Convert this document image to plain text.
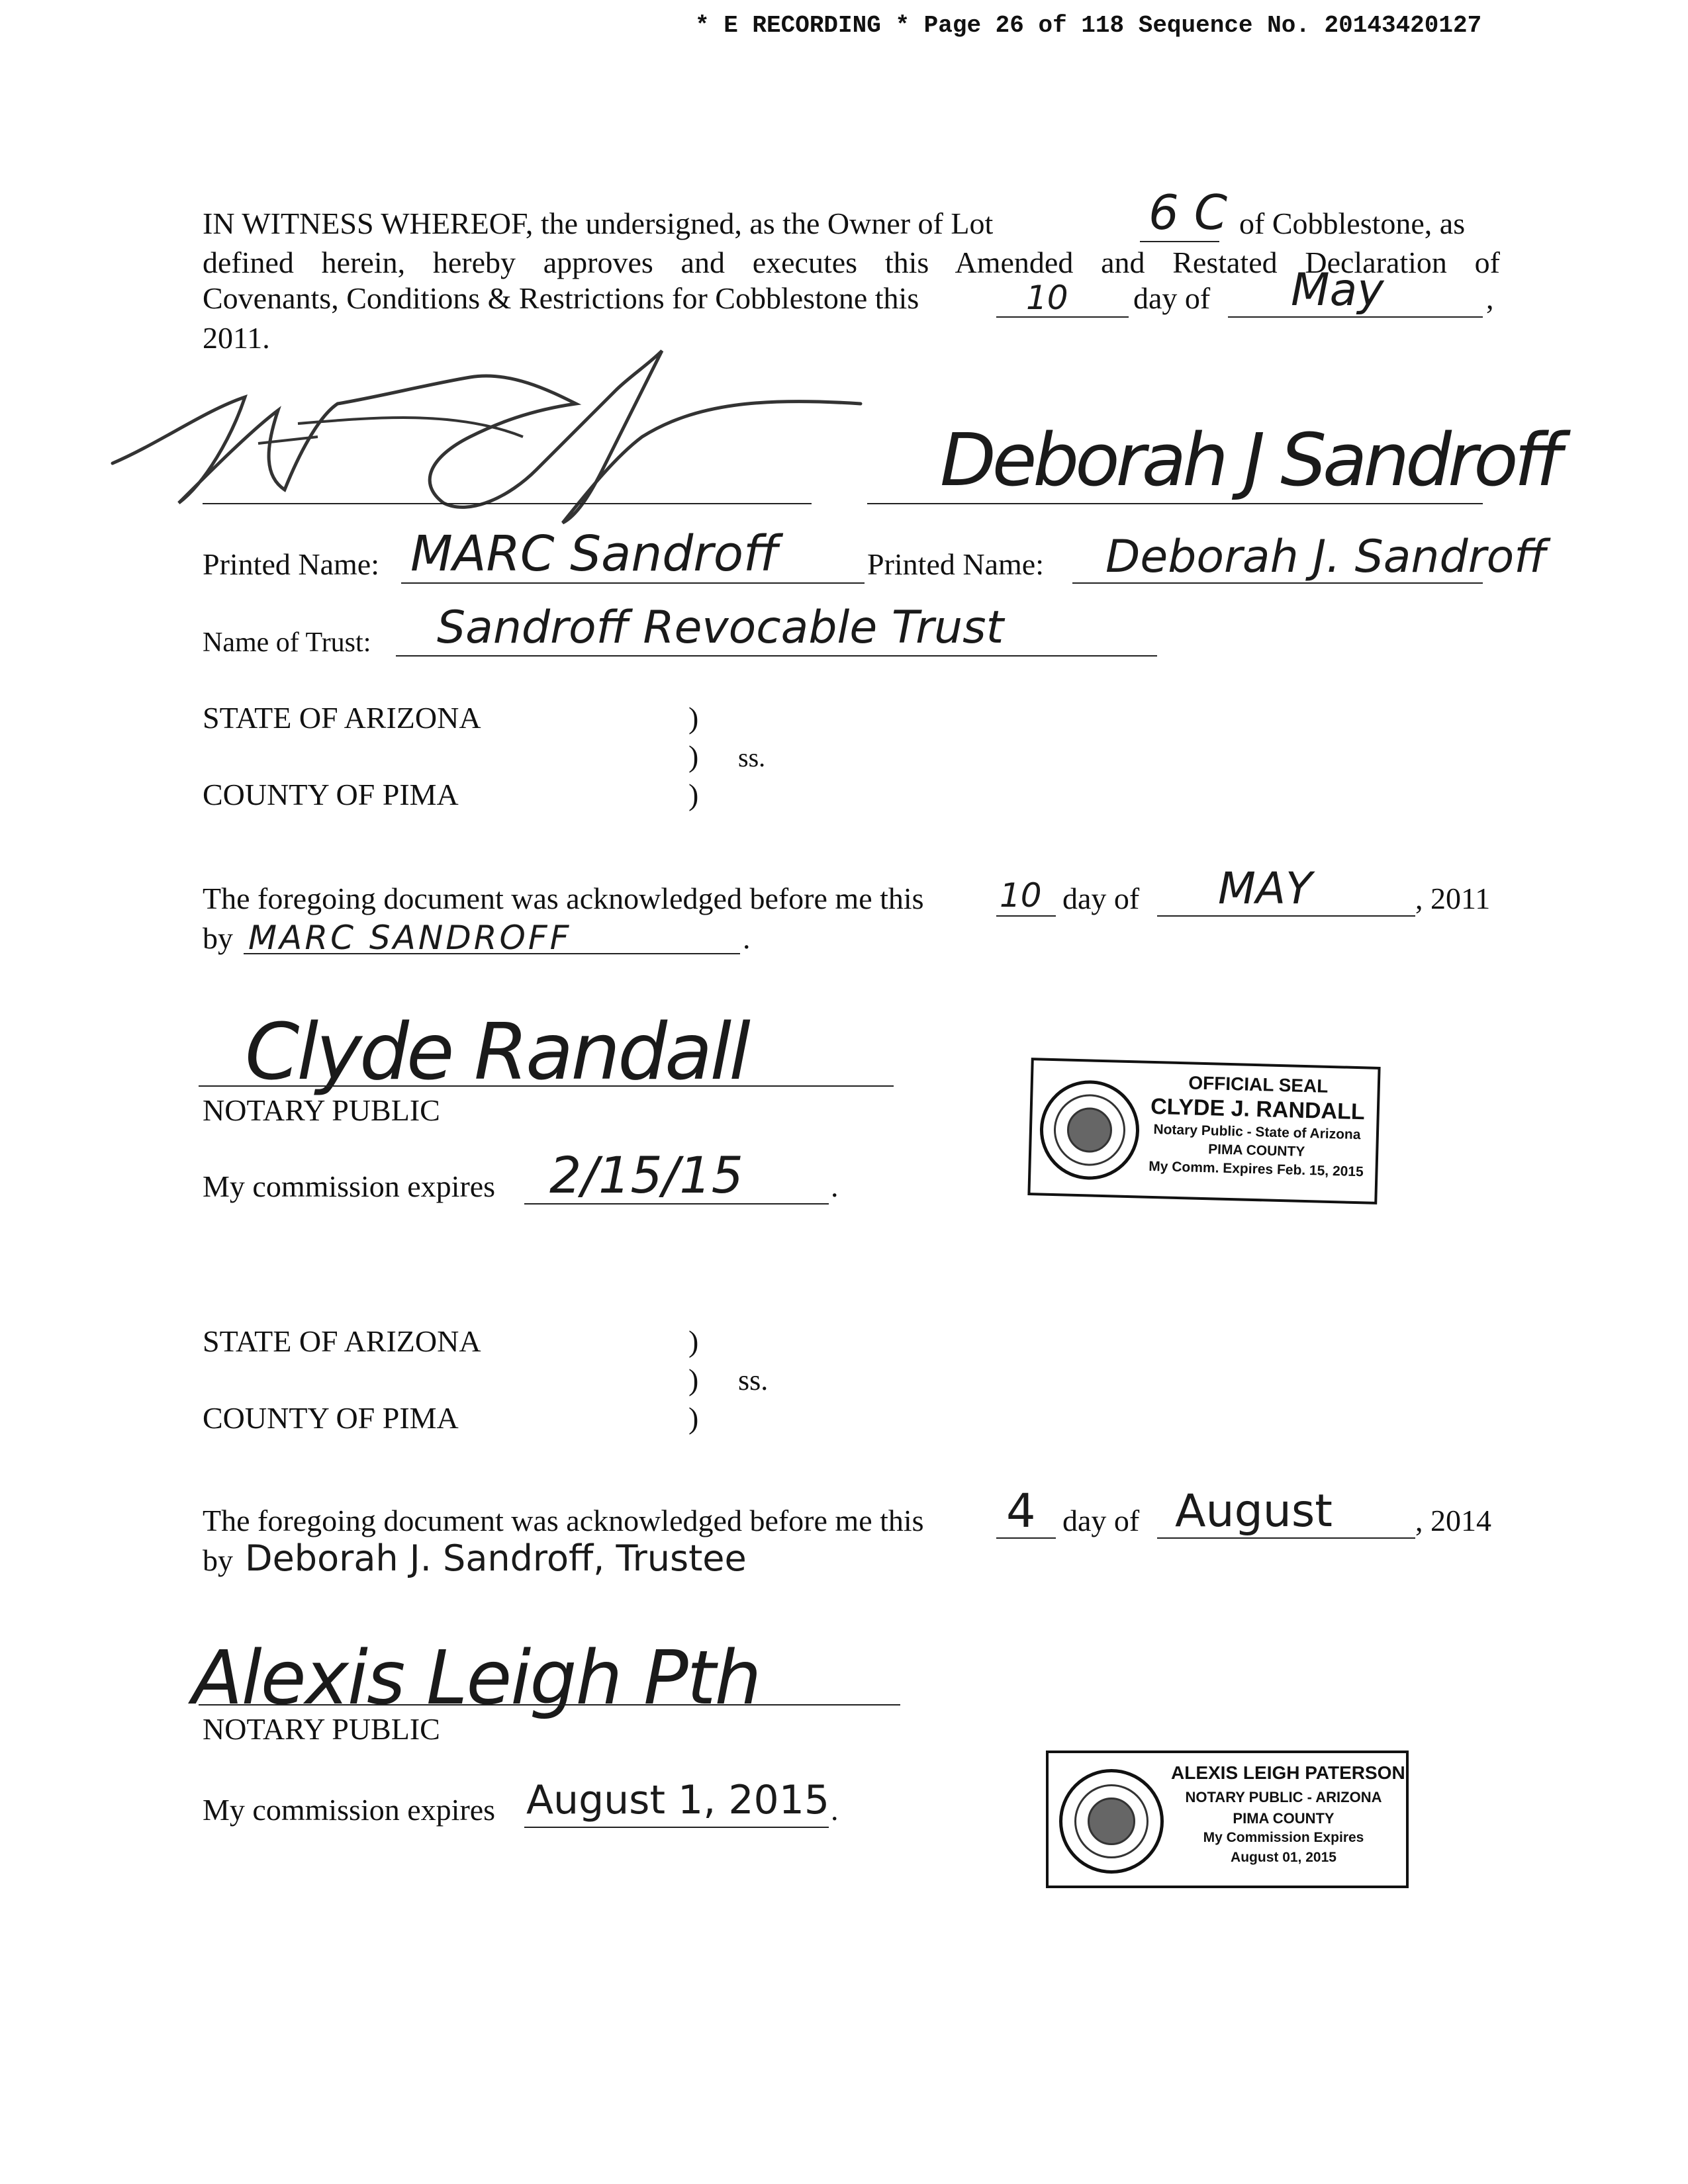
* E RECORDING * Page 26 of 118 Sequence No. 20143420127
IN WITNESS WHEREOF, the undersigned, as the Owner of Lot	6 C of Cobblestone, as
defined herein, hereby approves and executes this Amended and Restated Declaration of
Covenants, Conditions & Restrictions for Cobblestone this	10 day of May	,
2011.
Deborah J Sandroff
Printed Name: MARC Sandroff	Printed Name: Deborah J. Sandroff
Name of Trust: Sandroff Revocable Trust
STATE OF ARIZONA	)
) ss.
)
COUNTY OF PIMA
The foregoing document was acknowledged before me this 10 day of MAY	, 2011
by MARC SANDROFF	.
Clyde Randall
NOTARY PUBLIC
My commission expires 2/15/15	.
OFFICIAL SEAL
CLYDE J. RANDALL
Notary Public - State of Arizona
PIMA COUNTY
My Comm. Expires Feb. 15, 2015
STATE OF ARIZONA	)
) ss.
)
COUNTY OF PIMA
The foregoing document was acknowledged before me this 4 day of August	, 2014
by Deborah J. Sandroff, Trustee
Alexis Leigh Pth
NOTARY PUBLIC
My commission expires August 1, 2015 .
ALEXIS LEIGH PATERSON
NOTARY PUBLIC - ARIZONA
PIMA COUNTY
My Commission Expires
August 01, 2015
